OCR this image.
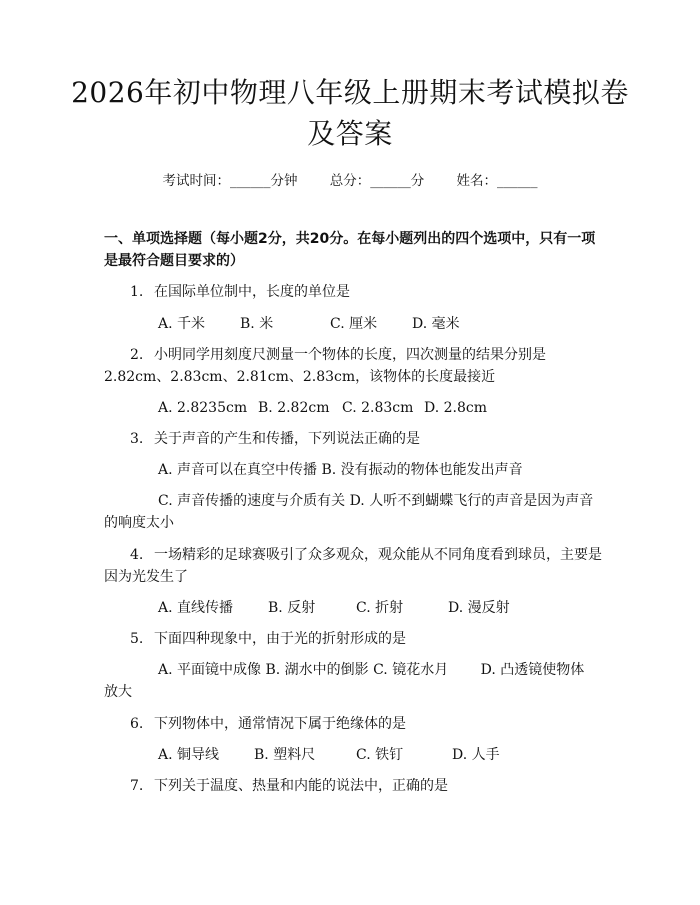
2026年初中物理八年级上册期末考试模拟卷
及答案
考试时间：______分钟 总分：______分 姓名：______
一、单项选择题（每小题2分，共20分。在每小题列出的四个选项中，只有一项
是最符合题目要求的）
1. 在国际单位制中，长度的单位是
A. 千米 B. 米	C. 厘米 D. 毫米
2. 小明同学用刻度尺测量一个物体的长度，四次测量的结果分别是
2.82cm、2.83cm、2.81cm、2.83cm，该物体的长度最接近
A. 2.8235cm B. 2.82cm C. 2.83cm D. 2.8cm
3. 关于声音的产生和传播，下列说法正确的是
A. 声音可以在真空中传播 B. 没有振动的物体也能发出声音
C. 声音传播的速度与介质有关 D. 人听不到蝴蝶飞行的声音是因为声音
的响度太小
4. 一场精彩的足球赛吸引了众多观众，观众能从不同角度看到球员，主要是
因为光发生了
A. 直线传播 B. 反射	C. 折射	D. 漫反射
5. 下面四种现象中，由于光的折射形成的是
A. 平面镜中成像 B. 湖水中的倒影 C. 镜花水月　　 D. 凸透镜使物体
放大
6. 下列物体中，通常情况下属于绝缘体的是
A. 铜导线 B. 塑料尺	C. 铁钉	D. 人手
7. 下列关于温度、热量和内能的说法中，正确的是
